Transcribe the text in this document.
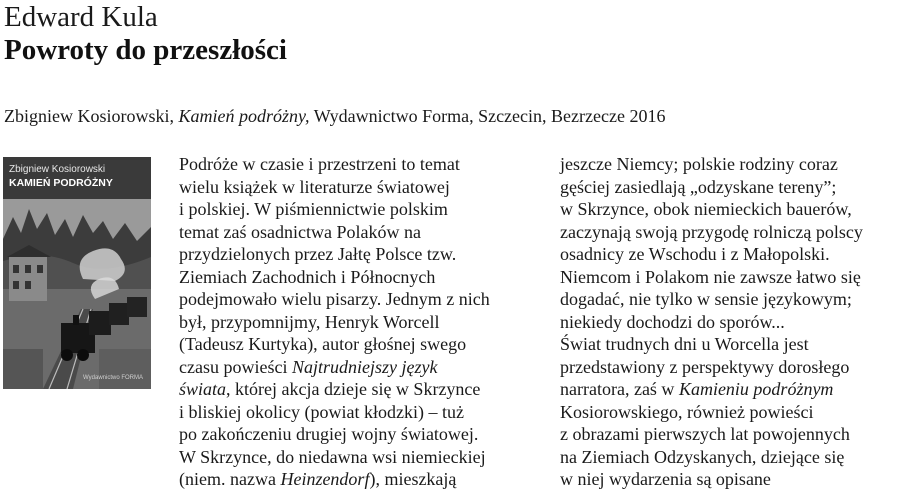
Edward Kula
Powroty do przeszłości
Zbigniew Kosiorowski, Kamień podróżny, Wydawnictwo Forma, Szczecin, Bezrzecze 2016
Zbigniew Kosiorowski
KAMIEŃ PODRÓŻNY
Wydawnictwo FORMA
Podróże w czasie i przestrzeni to temat
wielu książek w literaturze światowej
i polskiej. W piśmiennictwie polskim
temat zaś osadnictwa Polaków na
przydzielonych przez Jałtę Polsce tzw.
Ziemiach Zachodnich i Północnych
podejmowało wielu pisarzy. Jednym z nich
był, przypomnijmy, Henryk Worcell
(Tadeusz Kurtyka), autor głośnej swego
czasu powieści Najtrudniejszy język
świata, której akcja dzieje się w Skrzynce
i bliskiej okolicy (powiat kłodzki) – tuż
po zakończeniu drugiej wojny światowej.
W Skrzynce, do niedawna wsi niemieckiej
(niem. nazwa Heinzendorf), mieszkają
jeszcze Niemcy; polskie rodziny coraz
gęściej zasiedlają „odzyskane tereny”;
w Skrzynce, obok niemieckich bauerów,
zaczynają swoją przygodę rolniczą polscy
osadnicy ze Wschodu i z Małopolski.
Niemcom i Polakom nie zawsze łatwo się
dogadać, nie tylko w sensie językowym;
niekiedy dochodzi do sporów...
Świat trudnych dni u Worcella jest
przedstawiony z perspektywy dorosłego
narratora, zaś w Kamieniu podróżnym
Kosiorowskiego, również powieści
z obrazami pierwszych lat powojennych
na Ziemiach Odzyskanych, dziejące się
w niej wydarzenia są opisane
